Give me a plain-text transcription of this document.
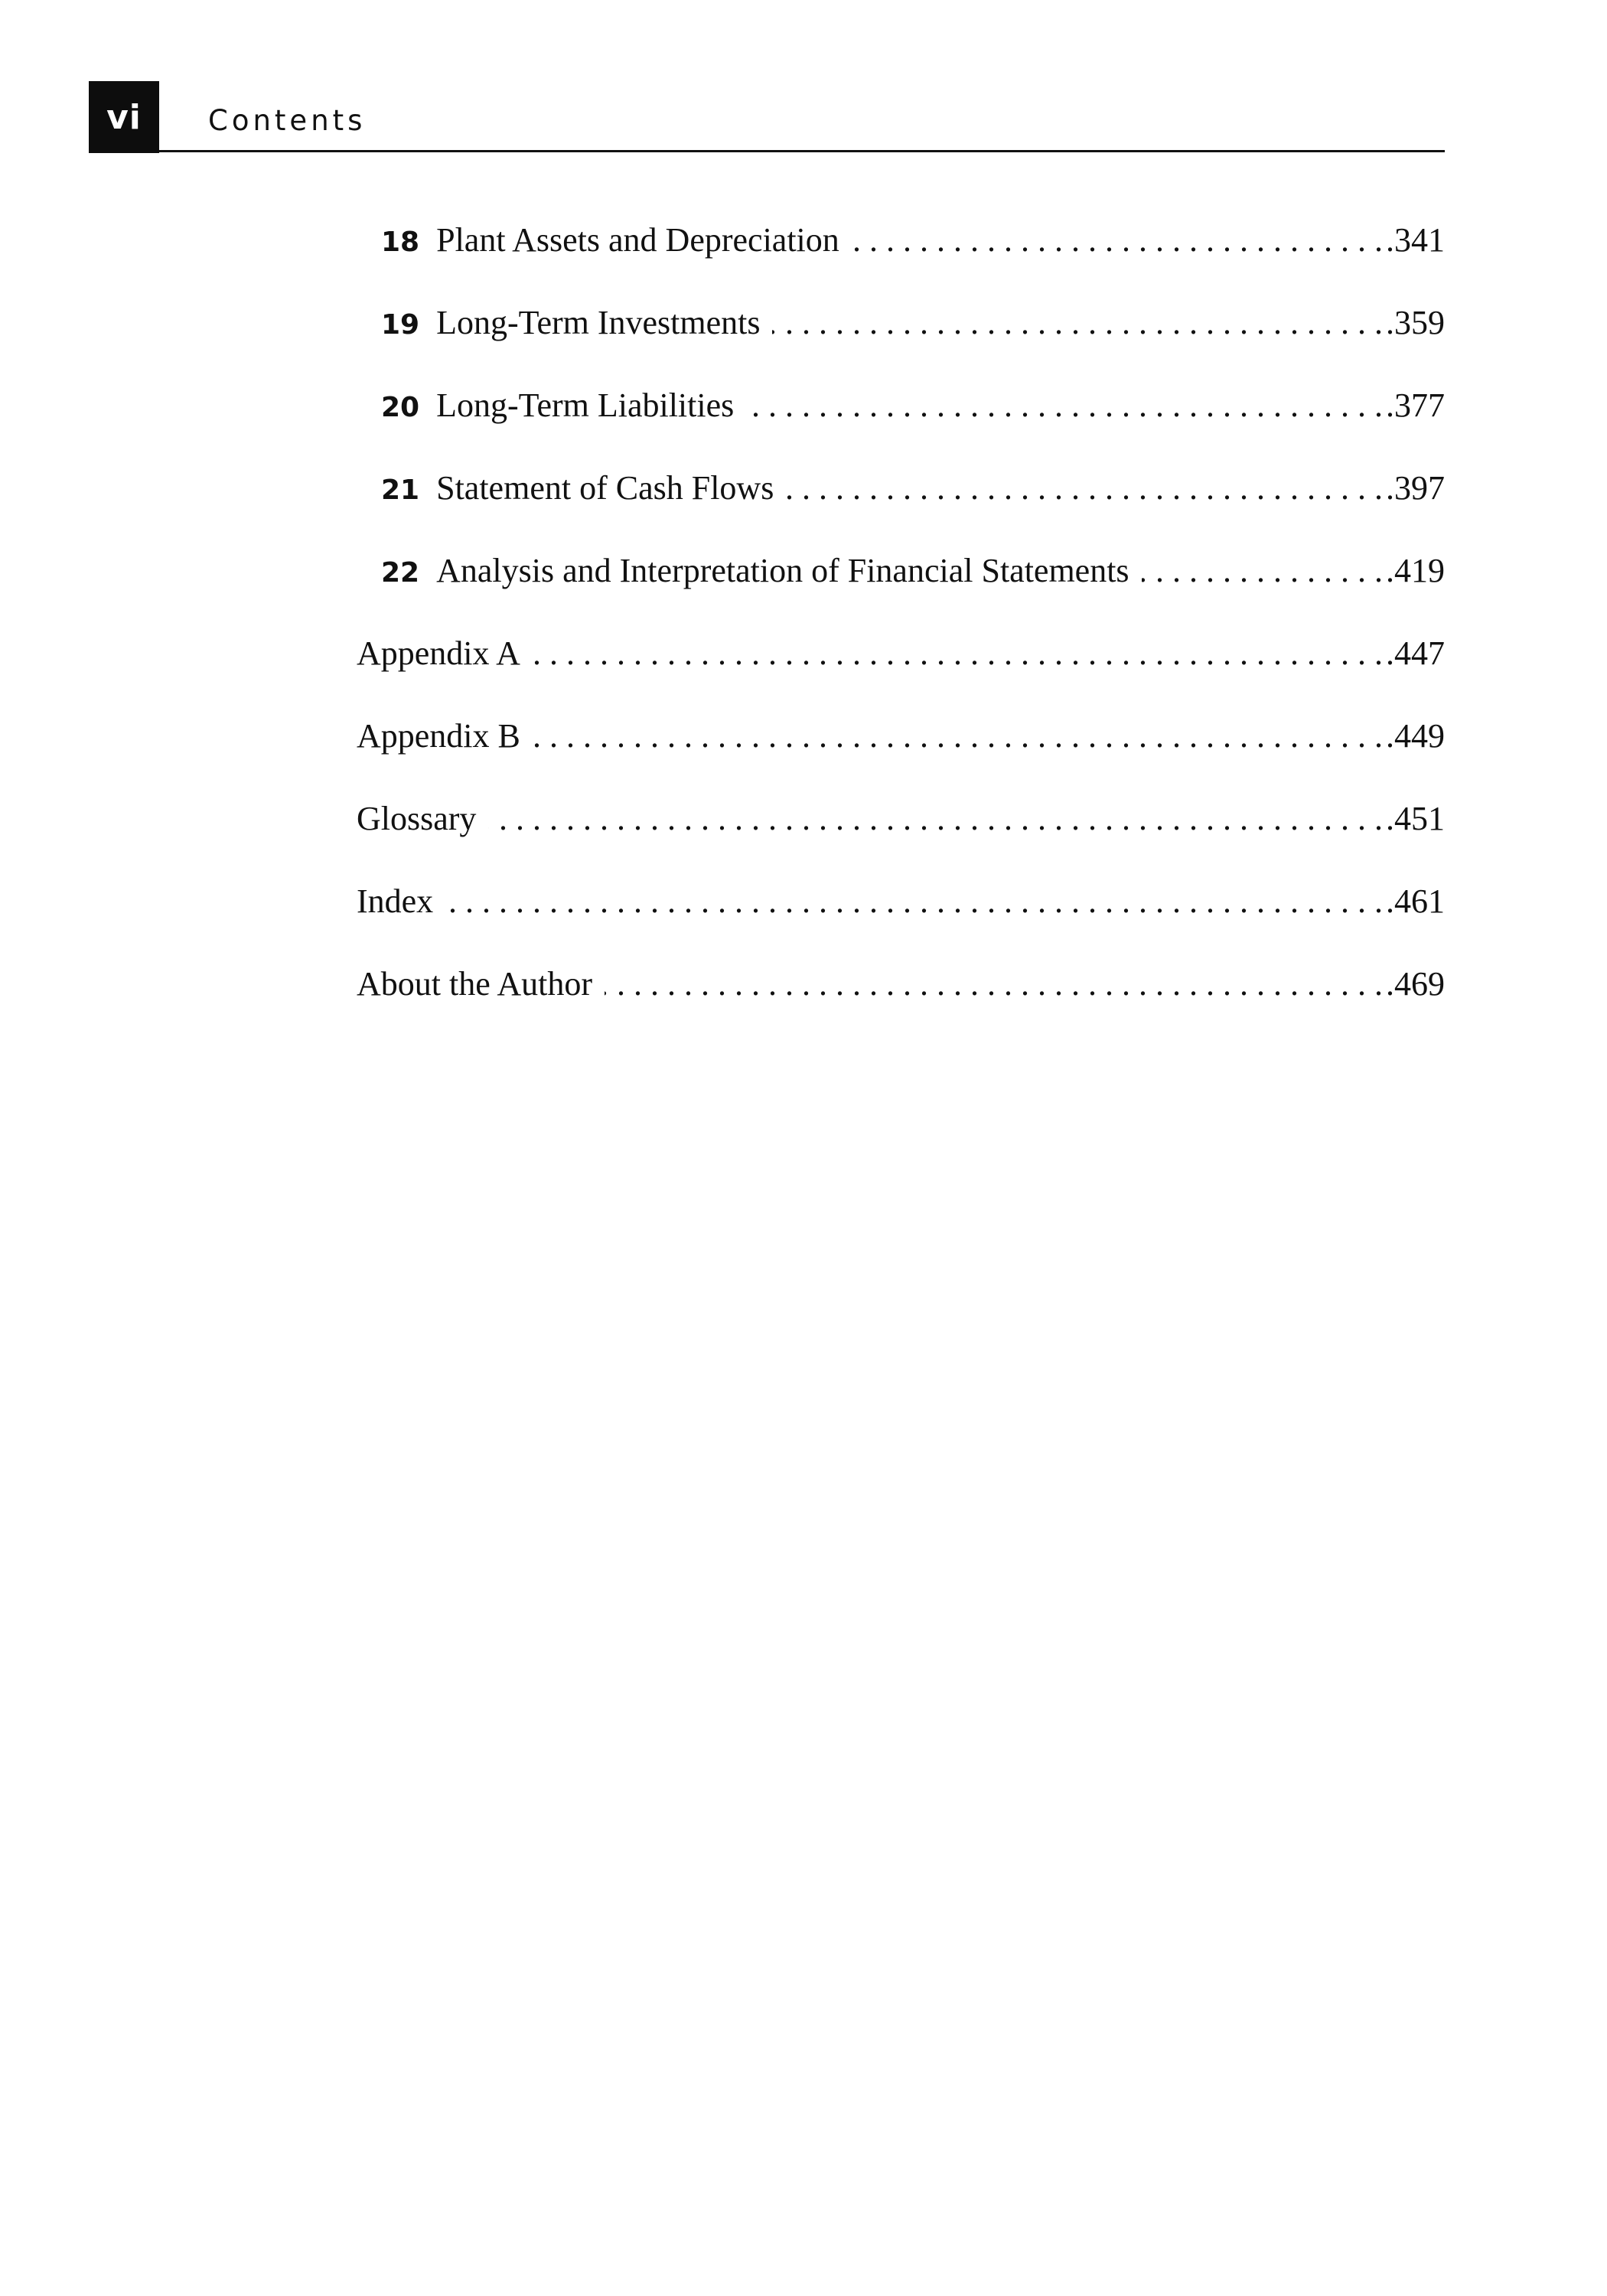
vi Contents
18 Plant Assets and Depreciation . . .	.341
19 Long-Term Investments . . .	.359
20 Long-Term Liabilities . . .	.377
21 Statement of Cash Flows . . .	.397
22 Analysis and Interpretation of Financial Statements . . .	.419
Appendix A . . .	.447
Appendix B . . .	.449
Glossary . . .	.451
Index . . .	.461
About the Author . . .	.469
